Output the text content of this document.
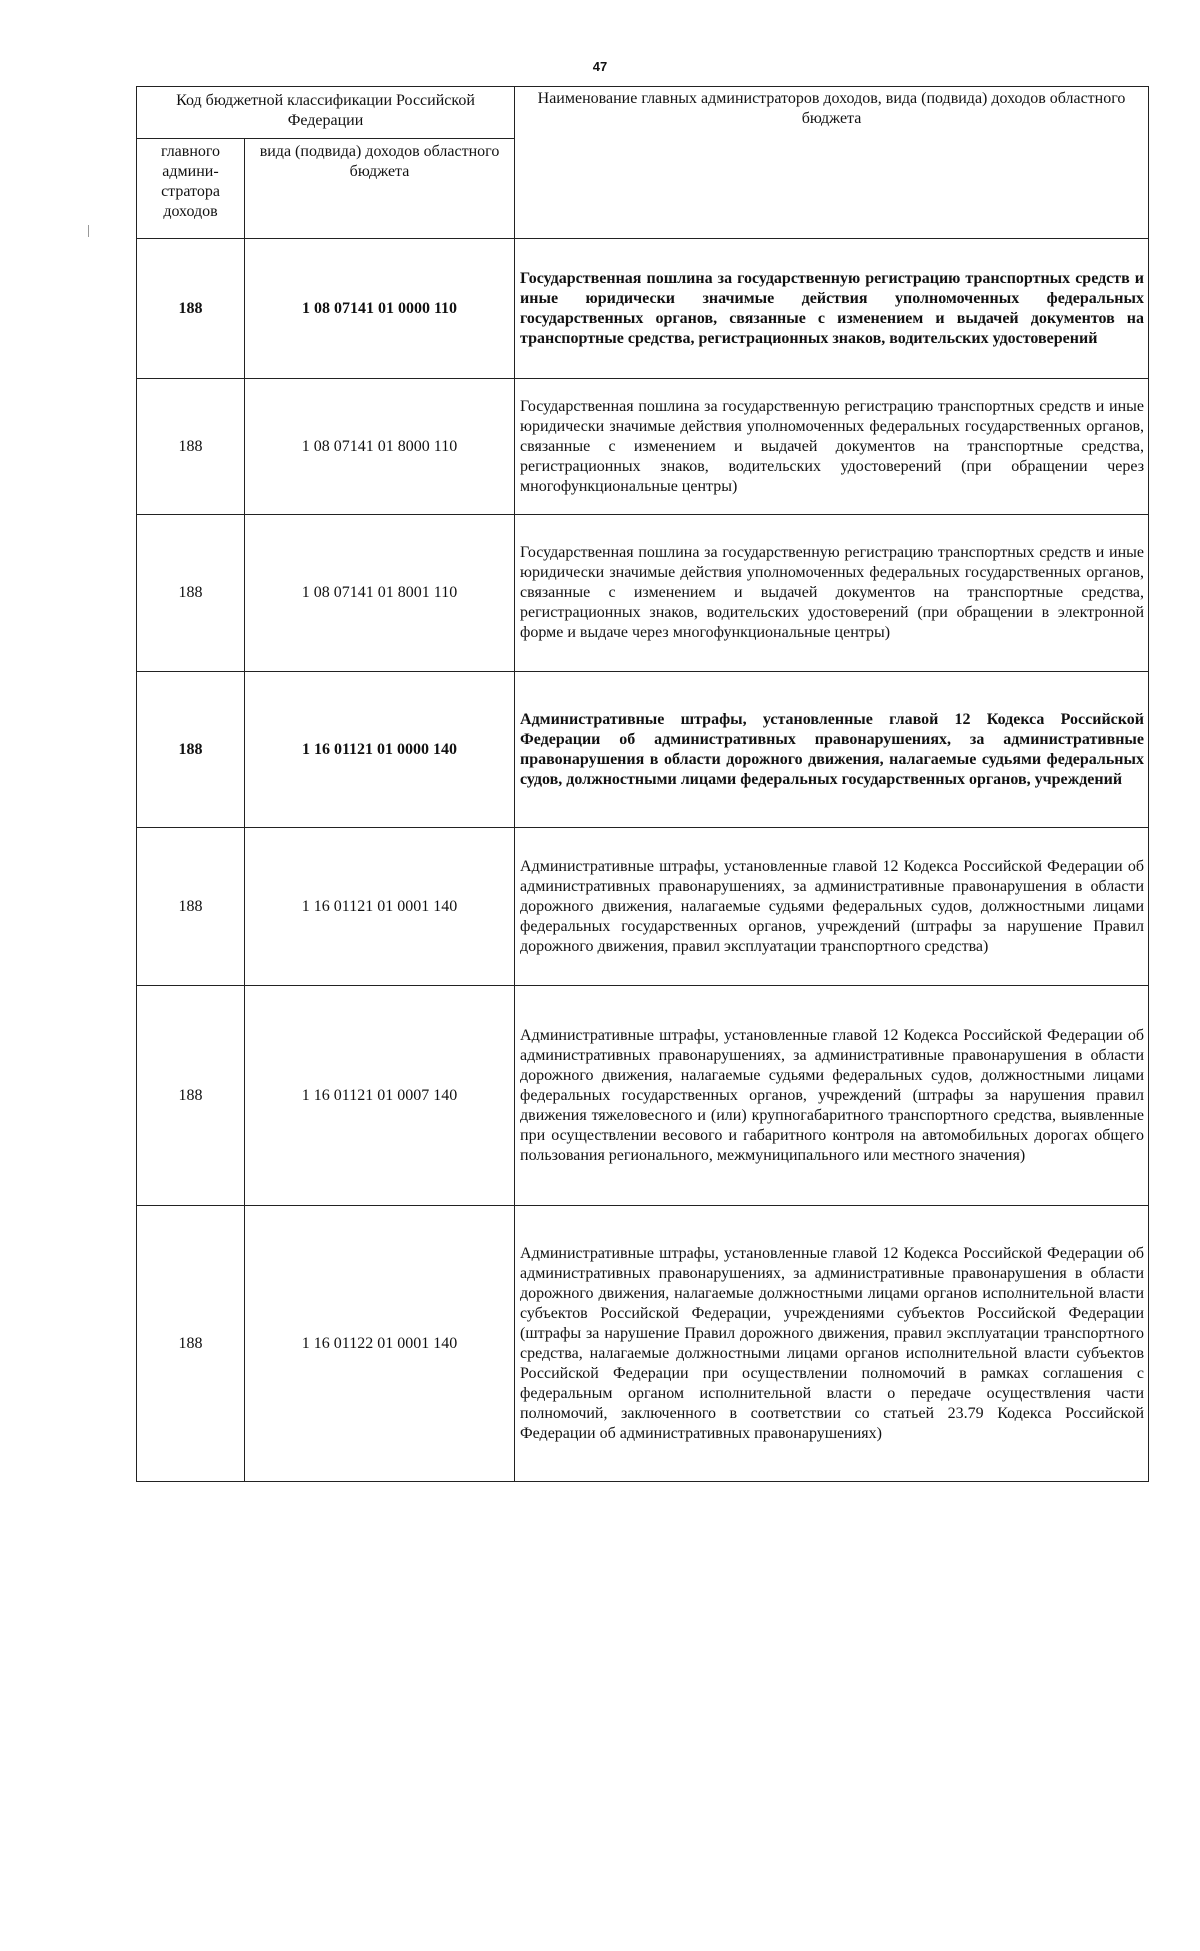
47
Код бюджетной классификации Российской Федерации		Наименование главных администраторов доходов, вида (подвида) доходов областного бюджета
главного админи-стратора доходов	вида (подвида) доходов областного бюджета	
188	1 08 07141 01 0000 110	Государственная пошлина за государственную регистрацию транспортных средств и иные юридически значимые действия уполномоченных федеральных государственных органов, связанные с изменением и выдачей документов на транспортные средства, регистрационных знаков, водительских удостоверений
188	1 08 07141 01 8000 110	Государственная пошлина за государственную регистрацию транспортных средств и иные юридически значимые действия уполномоченных федеральных государственных органов, связанные с изменением и выдачей документов на транспортные средства, регистрационных знаков, водительских удостоверений (при обращении через многофункциональные центры)
188	1 08 07141 01 8001 110	Государственная пошлина за государственную регистрацию транспортных средств и иные юридически значимые действия уполномоченных федеральных государственных органов, связанные с изменением и выдачей документов на транспортные средства, регистрационных знаков, водительских удостоверений (при обращении в электронной форме и выдаче через многофункциональные центры)
188	1 16 01121 01 0000 140	Административные штрафы, установленные главой 12 Кодекса Российской Федерации об административных правонарушениях, за административные правонарушения в области дорожного движения, налагаемые судьями федеральных судов, должностными лицами федеральных государственных органов, учреждений
188	1 16 01121 01 0001 140	Административные штрафы, установленные главой 12 Кодекса Российской Федерации об административных правонарушениях, за административные правонарушения в области дорожного движения, налагаемые судьями федеральных судов, должностными лицами федеральных государственных органов, учреждений (штрафы за нарушение Правил дорожного движения, правил эксплуатации транспортного средства)
188	1 16 01121 01 0007 140	Административные штрафы, установленные главой 12 Кодекса Российской Федерации об административных правонарушениях, за административные правонарушения в области дорожного движения, налагаемые судьями федеральных судов, должностными лицами федеральных государственных органов, учреждений (штрафы за нарушения правил движения тяжеловесного и (или) крупногабаритного транспортного средства, выявленные при осуществлении весового и габаритного контроля на автомобильных дорогах общего пользования регионального, межмуниципального или местного значения)
188	1 16 01122 01 0001 140	Административные штрафы, установленные главой 12 Кодекса Российской Федерации об административных правонарушениях, за административные правонарушения в области дорожного движения, налагаемые должностными лицами органов исполнительной власти субъектов Российской Федерации, учреждениями субъектов Российской Федерации (штрафы за нарушение Правил дорожного движения, правил эксплуатации транспортного средства, налагаемые должностными лицами органов исполнительной власти субъектов Российской Федерации при осуществлении полномочий в рамках соглашения с федеральным органом исполнительной власти о передаче осуществления части полномочий, заключенного в соответствии со статьей 23.79 Кодекса Российской Федерации об административных правонарушениях)
